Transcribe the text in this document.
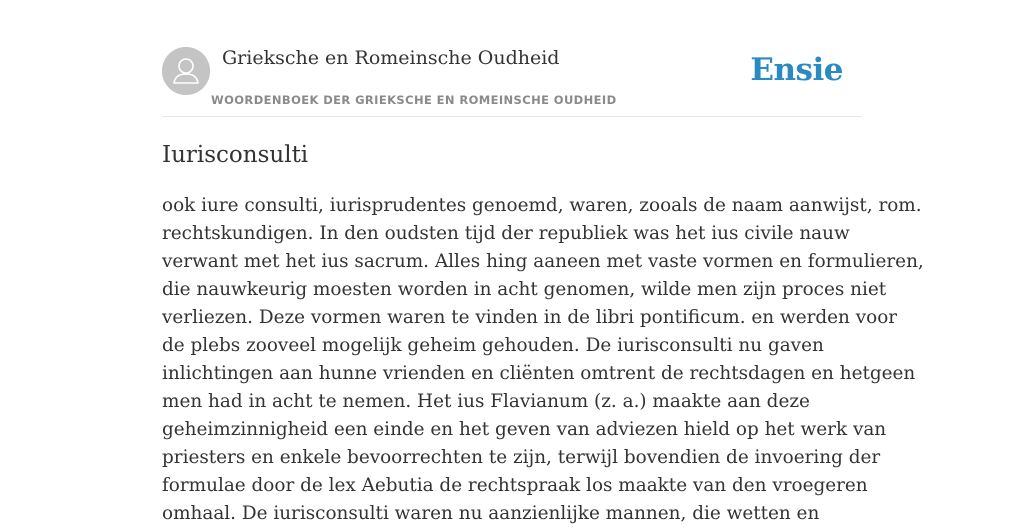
Grieksche en Romeinsche Oudheid
WOORDENBOEK DER GRIEKSCHE EN ROMEINSCHE OUDHEID
Ensie
Iurisconsulti

ook iure consulti, iurisprudentes genoemd, waren, zooals de naam aanwijst, rom.
rechtskundigen. In den oudsten tijd der republiek was het ius civile nauw
verwant met het ius sacrum. Alles hing aaneen met vaste vormen en formulieren,
die nauwkeurig moesten worden in acht genomen, wilde men zijn proces niet
verliezen. Deze vormen waren te vinden in de libri pontificum. en werden voor
de plebs zooveel mogelijk geheim gehouden. De iurisconsulti nu gaven
inlichtingen aan hunne vrienden en cliënten omtrent de rechtsdagen en hetgeen
men had in acht te nemen. Het ius Flavianum (z. a.) maakte aan deze
geheimzinnigheid een einde en het geven van adviezen hield op het werk van
priesters en enkele bevoorrechten te zijn, terwijl bovendien de invoering der
formulae door de lex Aebutia de rechtspraak los maakte van den vroegeren
omhaal. De iurisconsulti waren nu aanzienlijke mannen, die wetten en
